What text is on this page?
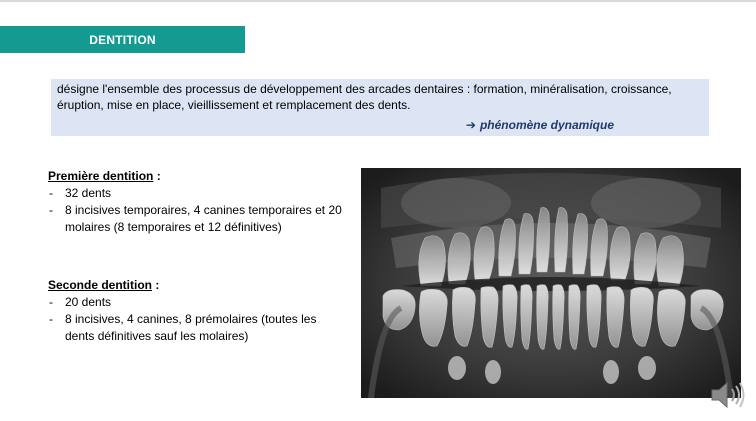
DENTITION
désigne l'ensemble des processus de développement des arcades dentaires : formation, minéralisation, croissance, éruption, mise en place, vieillissement et remplacement des dents.
➔ phénomène dynamique
Première dentition :
- 32 dents
- 8 incisives temporaires, 4 canines temporaires et 20 molaires (8 temporaires et 12 définitives)
Seconde dentition :
- 20 dents
- 8 incisives, 4 canines, 8 prémolaires (toutes les dents définitives sauf les molaires)
